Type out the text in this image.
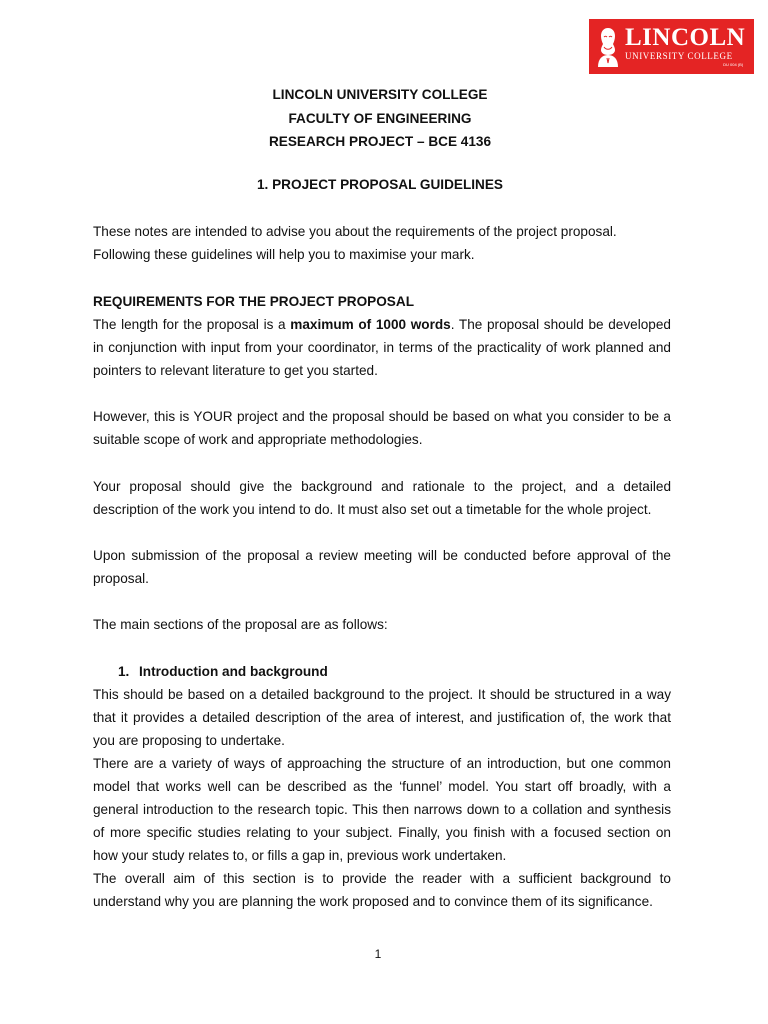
LINCOLN
UNIVERSITY COLLEGE
DU 004 (B)
LINCOLN UNIVERSITY COLLEGE
FACULTY OF ENGINEERING
RESEARCH PROJECT – BCE 4136
1. PROJECT PROPOSAL GUIDELINES

These notes are intended to advise you about the requirements of the project proposal. Following these guidelines will help you to maximise your mark.

REQUIREMENTS FOR THE PROJECT PROPOSAL

The length for the proposal is a maximum of 1000 words. The proposal should be developed in conjunction with input from your coordinator, in terms of the practicality of work planned and pointers to relevant literature to get you started.

However, this is YOUR project and the proposal should be based on what you consider to be a suitable scope of work and appropriate methodologies.

Your proposal should give the background and rationale to the project, and a detailed description of the work you intend to do. It must also set out a timetable for the whole project.

Upon submission of the proposal a review meeting will be conducted before approval of the proposal.

The main sections of the proposal are as follows:

1. Introduction and background

This should be based on a detailed background to the project. It should be structured in a way that it provides a detailed description of the area of interest, and justification of, the work that you are proposing to undertake.

There are a variety of ways of approaching the structure of an introduction, but one common model that works well can be described as the ‘funnel’ model. You start off broadly, with a general introduction to the research topic. This then narrows down to a collation and synthesis of more specific studies relating to your subject. Finally, you finish with a focused section on how your study relates to, or fills a gap in, previous work undertaken.

The overall aim of this section is to provide the reader with a sufficient background to understand why you are planning the work proposed and to convince them of its significance.

1
